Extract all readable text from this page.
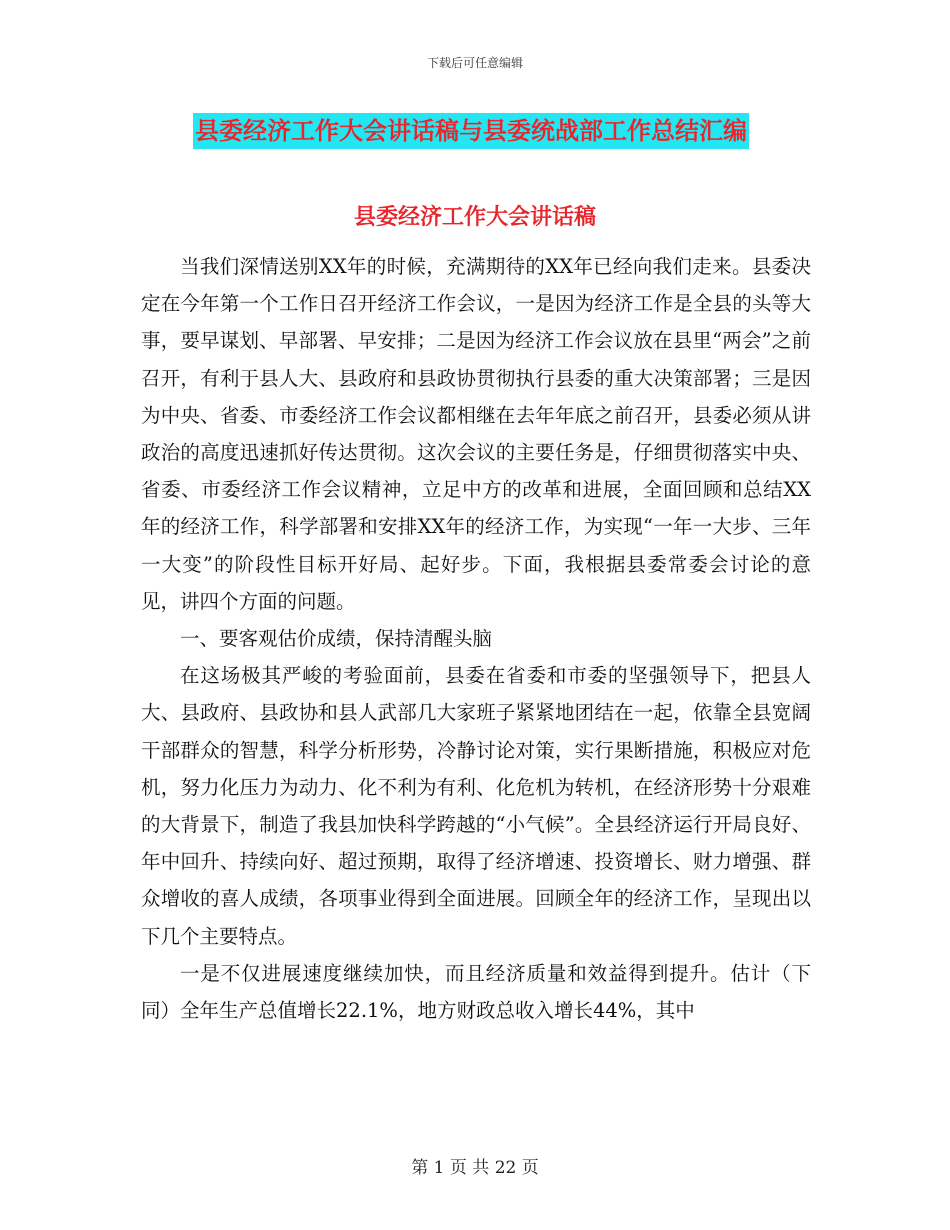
下载后可任意编辑
县委经济工作大会讲话稿与县委统战部工作总结汇编
县委经济工作大会讲话稿

当我们深情送别XX年的时候，充满期待的XX年已经向我们走来。县委决定在今年第一个工作日召开经济工作会议，一是因为经济工作是全县的头等大事，要早谋划、早部署、早安排；二是因为经济工作会议放在县里“两会”之前召开，有利于县人大、县政府和县政协贯彻执行县委的重大决策部署；三是因为中央、省委、市委经济工作会议都相继在去年年底之前召开，县委必须从讲政治的高度迅速抓好传达贯彻。这次会议的主要任务是，仔细贯彻落实中央、省委、市委经济工作会议精神，立足中方的改革和进展，全面回顾和总结XX年的经济工作，科学部署和安排XX年的经济工作，为实现“一年一大步、三年一大变”的阶段性目标开好局、起好步。下面，我根据县委常委会讨论的意见，讲四个方面的问题。

一、要客观估价成绩，保持清醒头脑

在这场极其严峻的考验面前，县委在省委和市委的坚强领导下，把县人大、县政府、县政协和县人武部几大家班子紧紧地团结在一起，依靠全县宽阔干部群众的智慧，科学分析形势，冷静讨论对策，实行果断措施，积极应对危机，努力化压力为动力、化不利为有利、化危机为转机，在经济形势十分艰难的大背景下，制造了我县加快科学跨越的“小气候”。全县经济运行开局良好、年中回升、持续向好、超过预期，取得了经济增速、投资增长、财力增强、群众增收的喜人成绩，各项事业得到全面进展。回顾全年的经济工作，呈现出以下几个主要特点。

一是不仅进展速度继续加快，而且经济质量和效益得到提升。估计（下同）全年生产总值增长22.1%，地方财政总收入增长44%，其中

第 1 页 共 22 页
